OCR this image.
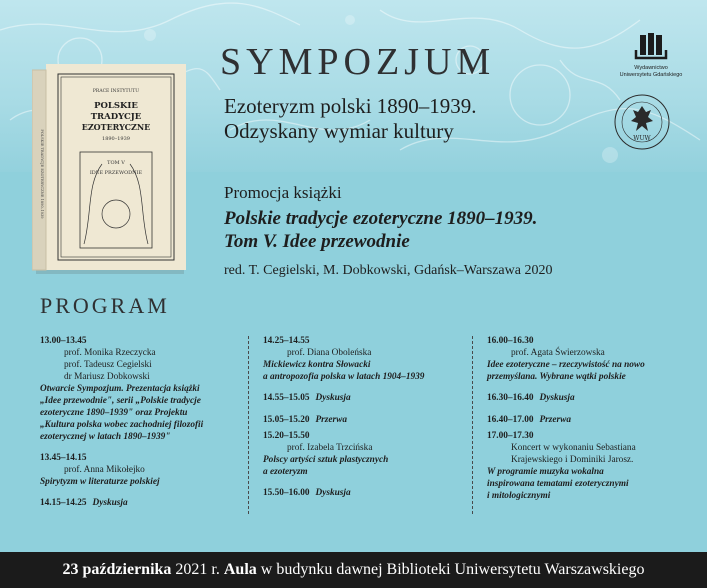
PRACE INSTYTUTU
POLSKIE
TRADYCJE
EZOTERYCZNE
1890–1939
TOM V
IDEE PRZEWODNIE
POLSKIE TRADYCJE EZOTERYCZNE 1890–1939
SYMPOZJUM
Ezoteryzm polski 1890–1939.
Odzyskany wymiar kultury
Wydawnictwo
Uniwersytetu Gdańskiego
WUW
Promocja książki
Polskie tradycje ezoteryczne 1890–1939.
Tom V. Idee przewodnie
red. T. Cegielski, M. Dobkowski, Gdańsk–Warszawa 2020
PROGRAM
13.00–13.45
prof. Monika Rzeczycka
prof. Tadeusz Cegielski
dr Mariusz Dobkowski
Otwarcie Sympozjum. Prezentacja książki
„Idee przewodnie", serii „Polskie tradycje
ezoteryczne 1890–1939" oraz Projektu
„Kultura polska wobec zachodniej filozofii
ezoterycznej w latach 1890–1939"
13.45–14.15
prof. Anna Mikołejko
Spirytyzm w literaturze polskiej
14.15–14.25 Dyskusja
14.25–14.55
prof. Diana Oboleńska
Mickiewicz kontra Słowacki
a antropozofia polska w latach 1904–1939
14.55–15.05 Dyskusja
15.05–15.20 Przerwa
15.20–15.50
prof. Izabela Trzcińska
Polscy artyści sztuk plastycznych
a ezoteryzm
15.50–16.00 Dyskusja
16.00–16.30
prof. Agata Świerzowska
Idee ezoteryczne – rzeczywistość na nowo
przemyślana. Wybrane wątki polskie
16.30–16.40 Dyskusja
16.40–17.00 Przerwa
17.00–17.30
Koncert w wykonaniu Sebastiana
Krajewskiego i Dominiki Jarosz.
W programie muzyka wokalna
inspirowana tematami ezoterycznymi
i mitologicznymi
23 października 2021 r. Aula w budynku dawnej Biblioteki Uniwersytetu Warszawskiego
